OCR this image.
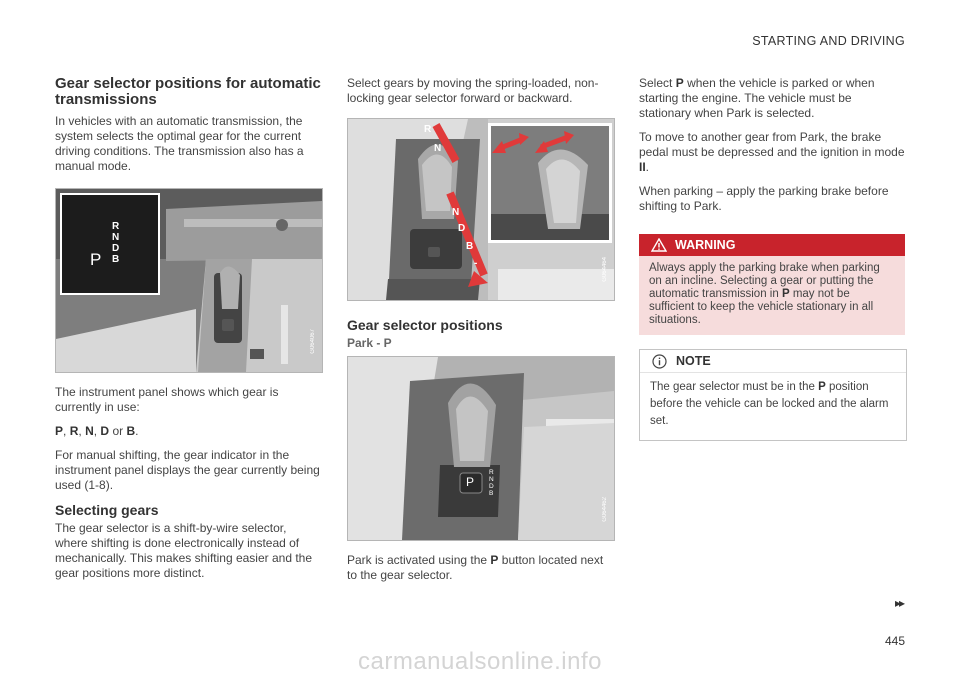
STARTING AND DRIVING
Gear selector positions for automatic transmissions

In vehicles with an automatic transmission, the system selects the optimal gear for the current driving conditions. The transmission also has a manual mode.

P
R
N
D
B
G064067

The instrument panel shows which gear is currently in use:

P, R, N, D or B.

For manual shifting, the gear indicator in the instrument panel displays the gear currently being used (1-8).

Selecting gears

The gear selector is a shift-by-wire selector, where shifting is done electronically instead of mechanically. This makes shifting easier and the gear positions more distinct.

Select gears by moving the spring-loaded, non-locking gear selector forward or backward.

R
N
N
D
B
-	G064464
Gear selector positions
Park - P
P
R
N
D
B
G064462

Park is activated using the P button located next to the gear selector.

Select P when the vehicle is parked or when starting the engine. The vehicle must be stationary when Park is selected.

To move to another gear from Park, the brake pedal must be depressed and the ignition in mode II.

When parking – apply the parking brake before shifting to Park.

WARNING
Always apply the parking brake when parking on an incline. Selecting a gear or putting the automatic transmission in P may not be sufficient to keep the vehicle stationary in all situations.
NOTE
The gear selector must be in the P position before the vehicle can be locked and the alarm set.
▸▸
445
carmanualsonline.info
